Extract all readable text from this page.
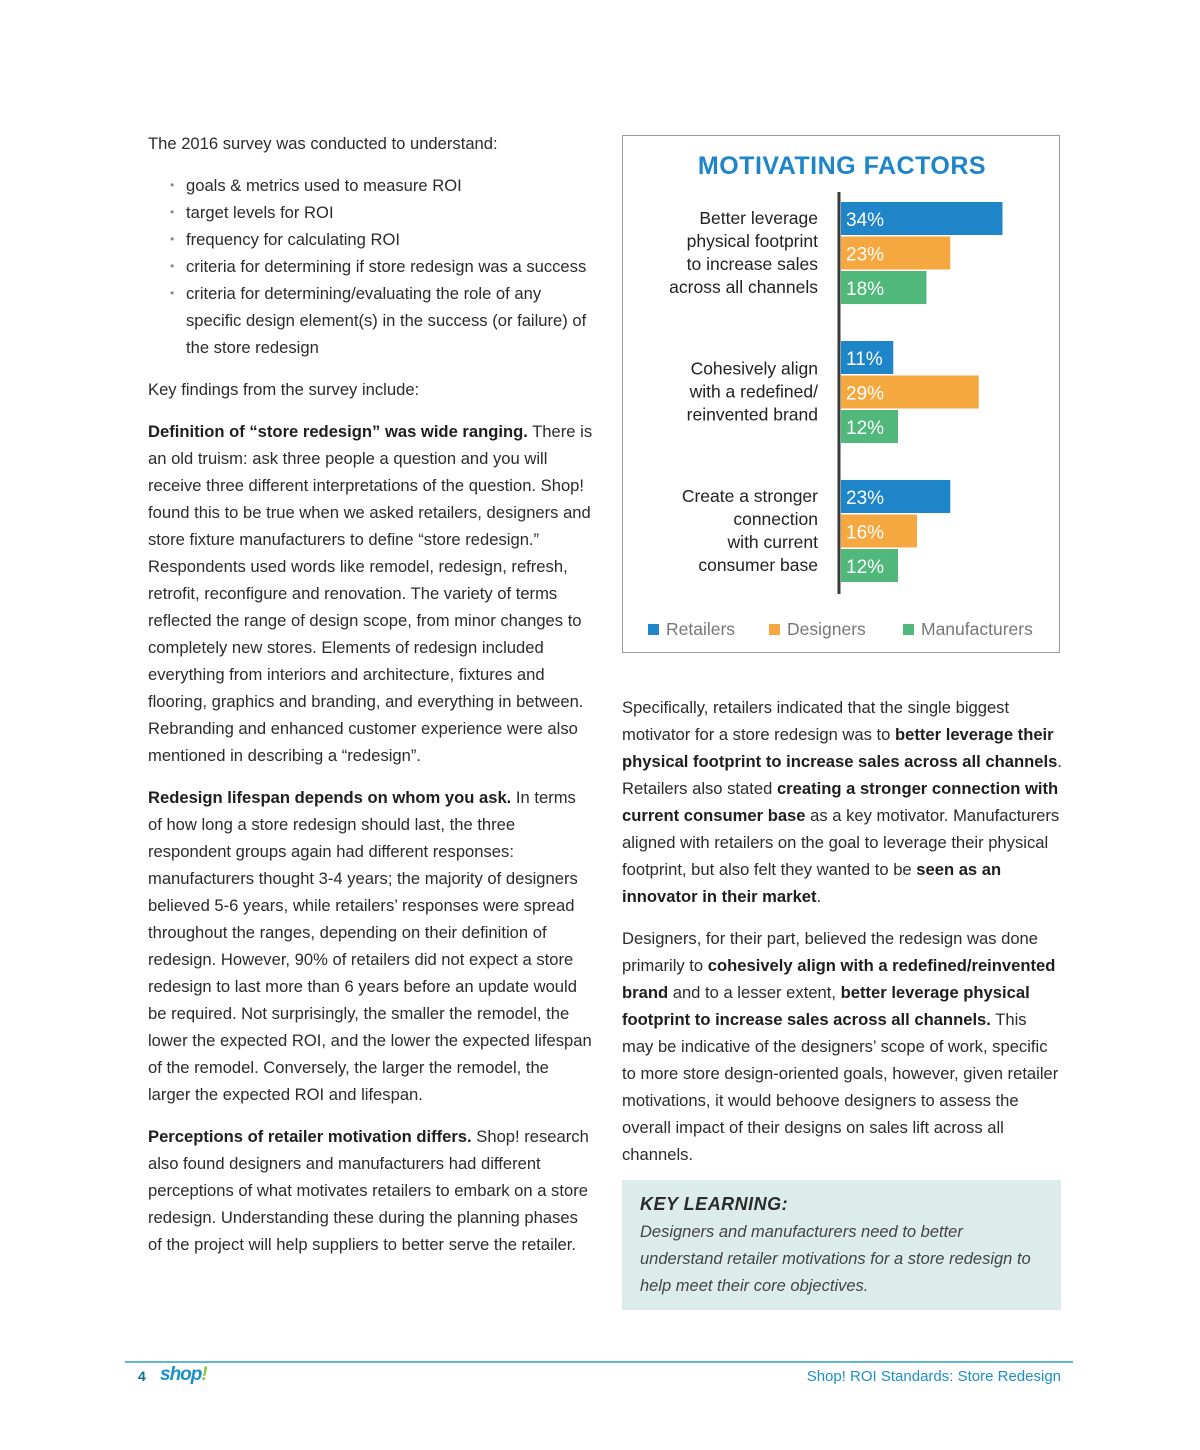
The 2016 survey was conducted to understand:

• goals & metrics used to measure ROI
• target levels for ROI
• frequency for calculating ROI
• criteria for determining if store redesign was a success
• criteria for determining/evaluating the role of any specific design element(s) in the success (or failure) of the store redesign

Key findings from the survey include:

Definition of “store redesign” was wide ranging. There is an old truism: ask three people a question and you will receive three different interpretations of the question. Shop! found this to be true when we asked retailers, designers and store fixture manufacturers to define “store redesign.” Respondents used words like remodel, redesign, refresh, retrofit, reconfigure and renovation. The variety of terms reflected the range of design scope, from minor changes to completely new stores. Elements of redesign included everything from interiors and architecture, fixtures and flooring, graphics and branding, and everything in between. Rebranding and enhanced customer experience were also mentioned in describing a “redesign”.

Redesign lifespan depends on whom you ask. In terms of how long a store redesign should last, the three respondent groups again had different responses: manufacturers thought 3-4 years; the majority of designers believed 5-6 years, while retailers’ responses were spread throughout the ranges, depending on their definition of redesign. However, 90% of retailers did not expect a store redesign to last more than 6 years before an update would be required. Not surprisingly, the smaller the remodel, the lower the expected ROI, and the lower the expected lifespan of the remodel. Conversely, the larger the remodel, the larger the expected ROI and lifespan.

Perceptions of retailer motivation differs. Shop! research also found designers and manufacturers had different perceptions of what motivates retailers to embark on a store redesign. Understanding these during the planning phases of the project will help suppliers to better serve the retailer.

MOTIVATING FACTORS
Better leverage
physical footprint
to increase sales
across all channels
34%
23%
18%
Cohesively align
with a redefined/
reinvented brand
11%
29%
12%
Create a stronger
connection
with current
consumer base
23%
16%
12%
Retailers	Designers	Manufacturers

Specifically, retailers indicated that the single biggest motivator for a store redesign was to better leverage their physical footprint to increase sales across all channels. Retailers also stated creating a stronger connection with current consumer base as a key motivator. Manufacturers aligned with retailers on the goal to leverage their physical footprint, but also felt they wanted to be seen as an innovator in their market.

Designers, for their part, believed the redesign was done primarily to cohesively align with a redefined/reinvented brand and to a lesser extent, better leverage physical footprint to increase sales across all channels. This may be indicative of the designers’ scope of work, specific to more store design-oriented goals, however, given retailer motivations, it would behoove designers to assess the overall impact of their designs on sales lift across all channels.

KEY LEARNING:
Designers and manufacturers need to better understand retailer motivations for a store redesign to help meet their core objectives.
4 shop!	Shop! ROI Standards: Store Redesign
